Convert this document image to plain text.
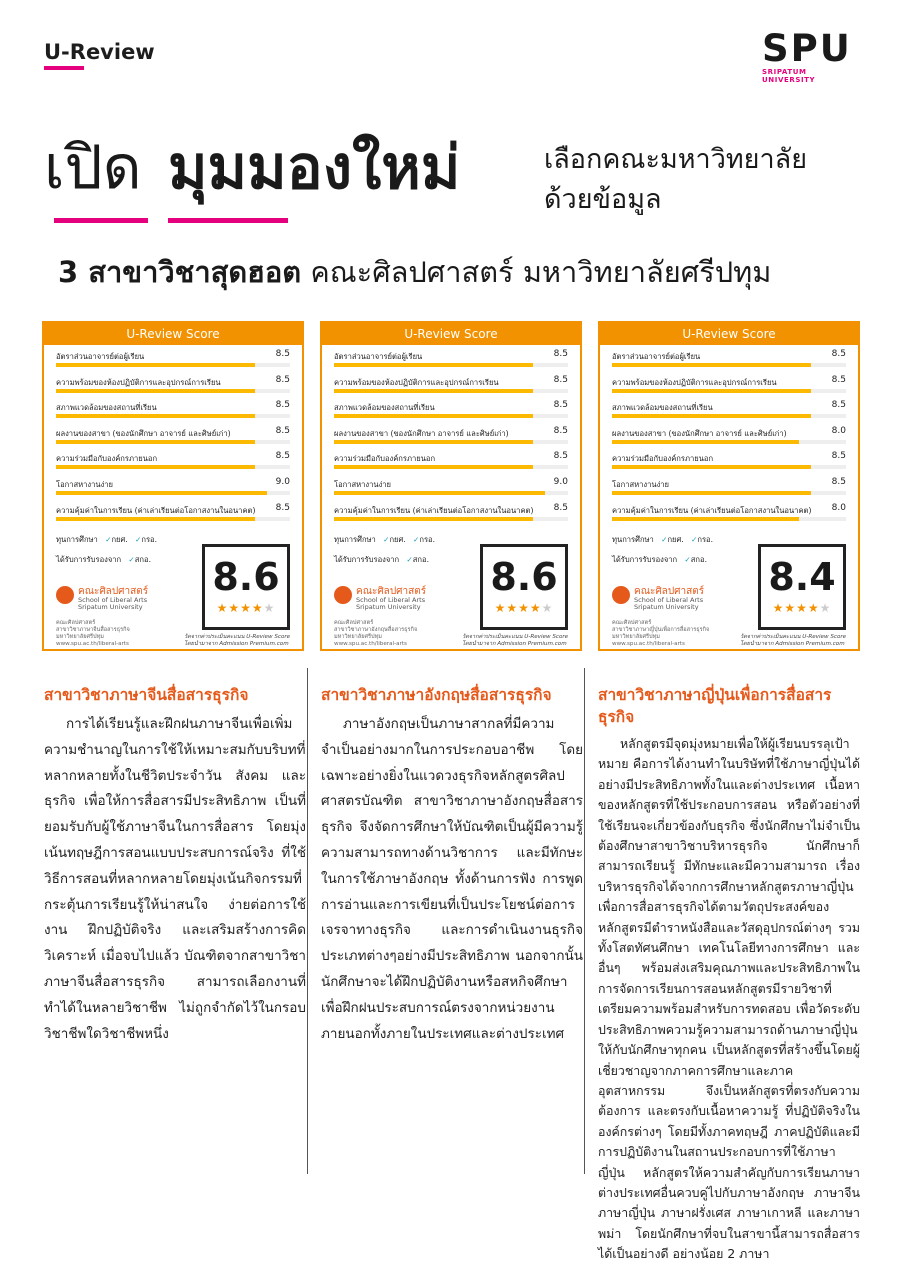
U-Review	SPU
SRIPATUM
UNIVERSITY
เปิด มุมมองใหม่	เลือกคณะมหาวิทยาลัย
ด้วยข้อมูล
3 สาขาวิชาสุดฮอต คณะศิลปศาสตร์ มหาวิทยาลัยศรีปทุม
U-Review Score
อัตราส่วนอาจารย์ต่อผู้เรียน	8.5
ความพร้อมของห้องปฏิบัติการและอุปกรณ์การเรียน	8.5
สภาพแวดล้อมของสถานที่เรียน	8.5
ผลงานของสาขา (ของนักศึกษา อาจารย์ และศิษย์เก่า)	8.5
ความร่วมมือกับองค์กรภายนอก	8.5
โอกาสหางานง่าย	9.0
ความคุ้มค่าในการเรียน (ค่าเล่าเรียนต่อโอกาสงานในอนาคต) 8.5
ทุนการศึกษา ✓กยศ. ✓กรอ.
ได้รับการรับรองจาก ✓สกอ.
คณะศิลปศาสตร์
School of Liberal Arts
Sripatum University
คณะศิลปศาสตร์
สาขาวิชาภาษาจีนสื่อสารธุรกิจ
มหาวิทยาลัยศรีปทุม
www.spu.ac.th/liberal-arts
8.6
★★★★★
วัดจากค่าประเมินคะแนน U-Review Score
โดยนำมาจาก Admission Premium.com
U-Review Score
อัตราส่วนอาจารย์ต่อผู้เรียน	8.5
ความพร้อมของห้องปฏิบัติการและอุปกรณ์การเรียน	8.5
สภาพแวดล้อมของสถานที่เรียน	8.5
ผลงานของสาขา (ของนักศึกษา อาจารย์ และศิษย์เก่า)	8.5
ความร่วมมือกับองค์กรภายนอก	8.5
โอกาสหางานง่าย	9.0
ความคุ้มค่าในการเรียน (ค่าเล่าเรียนต่อโอกาสงานในอนาคต) 8.5
ทุนการศึกษา ✓กยศ. ✓กรอ.
ได้รับการรับรองจาก ✓สกอ.
คณะศิลปศาสตร์
School of Liberal Arts
Sripatum University
คณะศิลปศาสตร์
สาขาวิชาภาษาอังกฤษสื่อสารธุรกิจ
มหาวิทยาลัยศรีปทุม
www.spu.ac.th/liberal-arts
8.6
★★★★★
วัดจากค่าประเมินคะแนน U-Review Score
โดยนำมาจาก Admission Premium.com
U-Review Score
อัตราส่วนอาจารย์ต่อผู้เรียน	8.5
ความพร้อมของห้องปฏิบัติการและอุปกรณ์การเรียน	8.5
สภาพแวดล้อมของสถานที่เรียน	8.5
ผลงานของสาขา (ของนักศึกษา อาจารย์ และศิษย์เก่า)	8.0
ความร่วมมือกับองค์กรภายนอก	8.5
โอกาสหางานง่าย	8.5
ความคุ้มค่าในการเรียน (ค่าเล่าเรียนต่อโอกาสงานในอนาคต) 8.0
ทุนการศึกษา ✓กยศ. ✓กรอ.
ได้รับการรับรองจาก ✓สกอ.
คณะศิลปศาสตร์
School of Liberal Arts
Sripatum University
คณะศิลปศาสตร์
สาขาวิชาภาษาญี่ปุ่นเพื่อการสื่อสารธุรกิจ
มหาวิทยาลัยศรีปทุม
www.spu.ac.th/liberal-arts
8.4
★★★★★
วัดจากค่าประเมินคะแนน U-Review Score
โดยนำมาจาก Admission Premium.com
สาขาวิชาภาษาจีนสื่อสารธุรกิจ
การได้เรียนรู้และฝึกฝนภาษาจีนเพื่อเพิ่มความชำนาญในการใช้ให้เหมาะสมกับบริบทที่หลากหลายทั้งในชีวิตประจำวัน สังคม และธุรกิจ เพื่อให้การสื่อสารมีประสิทธิภาพ เป็นที่ยอมรับกับผู้ใช้ภาษาจีนในการสื่อสาร โดยมุ่งเน้นทฤษฎีการสอนแบบประสบการณ์จริง ที่ใช้วิธีการสอนที่หลากหลายโดยมุ่งเน้นกิจกรรมที่กระตุ้นการเรียนรู้ให้น่าสนใจ ง่ายต่อการใช้งาน ฝึกปฏิบัติจริง และเสริมสร้างการคิดวิเคราะห์ เมื่อจบไปแล้ว บัณฑิตจากสาขาวิชาภาษาจีนสื่อสารธุรกิจ สามารถเลือกงานที่ทำได้ในหลายวิชาชีพ ไม่ถูกจำกัดไว้ในกรอบวิชาชีพใดวิชาชีพหนึ่ง
สาขาวิชาภาษาอังกฤษสื่อสารธุรกิจ
ภาษาอังกฤษเป็นภาษาสากลที่มีความจำเป็นอย่างมากในการประกอบอาชีพ โดยเฉพาะอย่างยิ่งในแวดวงธุรกิจหลักสูตรศิลปศาสตรบัณฑิต สาขาวิชาภาษาอังกฤษสื่อสารธุรกิจ จึงจัดการศึกษาให้บัณฑิตเป็นผู้มีความรู้ความสามารถทางด้านวิชาการ และมีทักษะในการใช้ภาษาอังกฤษ ทั้งด้านการฟัง การพูด การอ่านและการเขียนที่เป็นประโยชน์ต่อการเจรจาทางธุรกิจ และการดำเนินงานธุรกิจประเภทต่างๆอย่างมีประสิทธิภาพ นอกจากนั้นนักศึกษาจะได้ฝึกปฏิบัติงานหรือสหกิจศึกษา เพื่อฝึกฝนประสบการณ์ตรงจากหน่วยงานภายนอกทั้งภายในประเทศและต่างประเทศ
สาขาวิชาภาษาญี่ปุ่นเพื่อการสื่อสารธุรกิจ
หลักสูตรมีจุดมุ่งหมายเพื่อให้ผู้เรียนบรรลุเป้าหมาย คือการได้งานทำในบริษัทที่ใช้ภาษาญี่ปุ่นได้อย่างมีประสิทธิภาพทั้งในและต่างประเทศ เนื้อหาของหลักสูตรที่ใช้ประกอบการสอน หรือตัวอย่างที่ใช้เรียนจะเกี่ยวข้องกับธุรกิจ ซึ่งนักศึกษาไม่จำเป็นต้องศึกษาสาขาวิชาบริหารธุรกิจ นักศึกษาก็สามารถเรียนรู้ มีทักษะและมีความสามารถ เรื่องบริหารธุรกิจได้จากการศึกษาหลักสูตรภาษาญี่ปุ่นเพื่อการสื่อสารธุรกิจได้ตามวัตถุประสงค์ของหลักสูตรมีตำราหนังสือและวัสดุอุปกรณ์ต่างๆ รวมทั้งโสตทัศนศึกษา เทคโนโลยีทางการศึกษา และอื่นๆ พร้อมส่งเสริมคุณภาพและประสิทธิภาพในการจัดการเรียนการสอนหลักสูตรมีรายวิชาที่เตรียมความพร้อมสำหรับการทดสอบ เพื่อวัดระดับประสิทธิภาพความรู้ความสามารถด้านภาษาญี่ปุ่นให้กับนักศึกษาทุกคน เป็นหลักสูตรที่สร้างขึ้นโดยผู้เชี่ยวชาญจากภาคการศึกษาและภาคอุตสาหกรรม จึงเป็นหลักสูตรที่ตรงกับความต้องการ และตรงกับเนื้อหาความรู้ ที่ปฏิบัติจริงในองค์กรต่างๆ โดยมีทั้งภาคทฤษฎี ภาคปฏิบัติและมีการปฏิบัติงานในสถานประกอบการที่ใช้ภาษาญี่ปุ่น หลักสูตรให้ความสำคัญกับการเรียนภาษาต่างประเทศอื่นควบคู่ไปกับภาษาอังกฤษ ภาษาจีนภาษาญี่ปุ่น ภาษาฝรั่งเศส ภาษาเกาหลี และภาษาพม่า โดยนักศึกษาที่จบในสาขานี้สามารถสื่อสารได้เป็นอย่างดี อย่างน้อย 2 ภาษา
